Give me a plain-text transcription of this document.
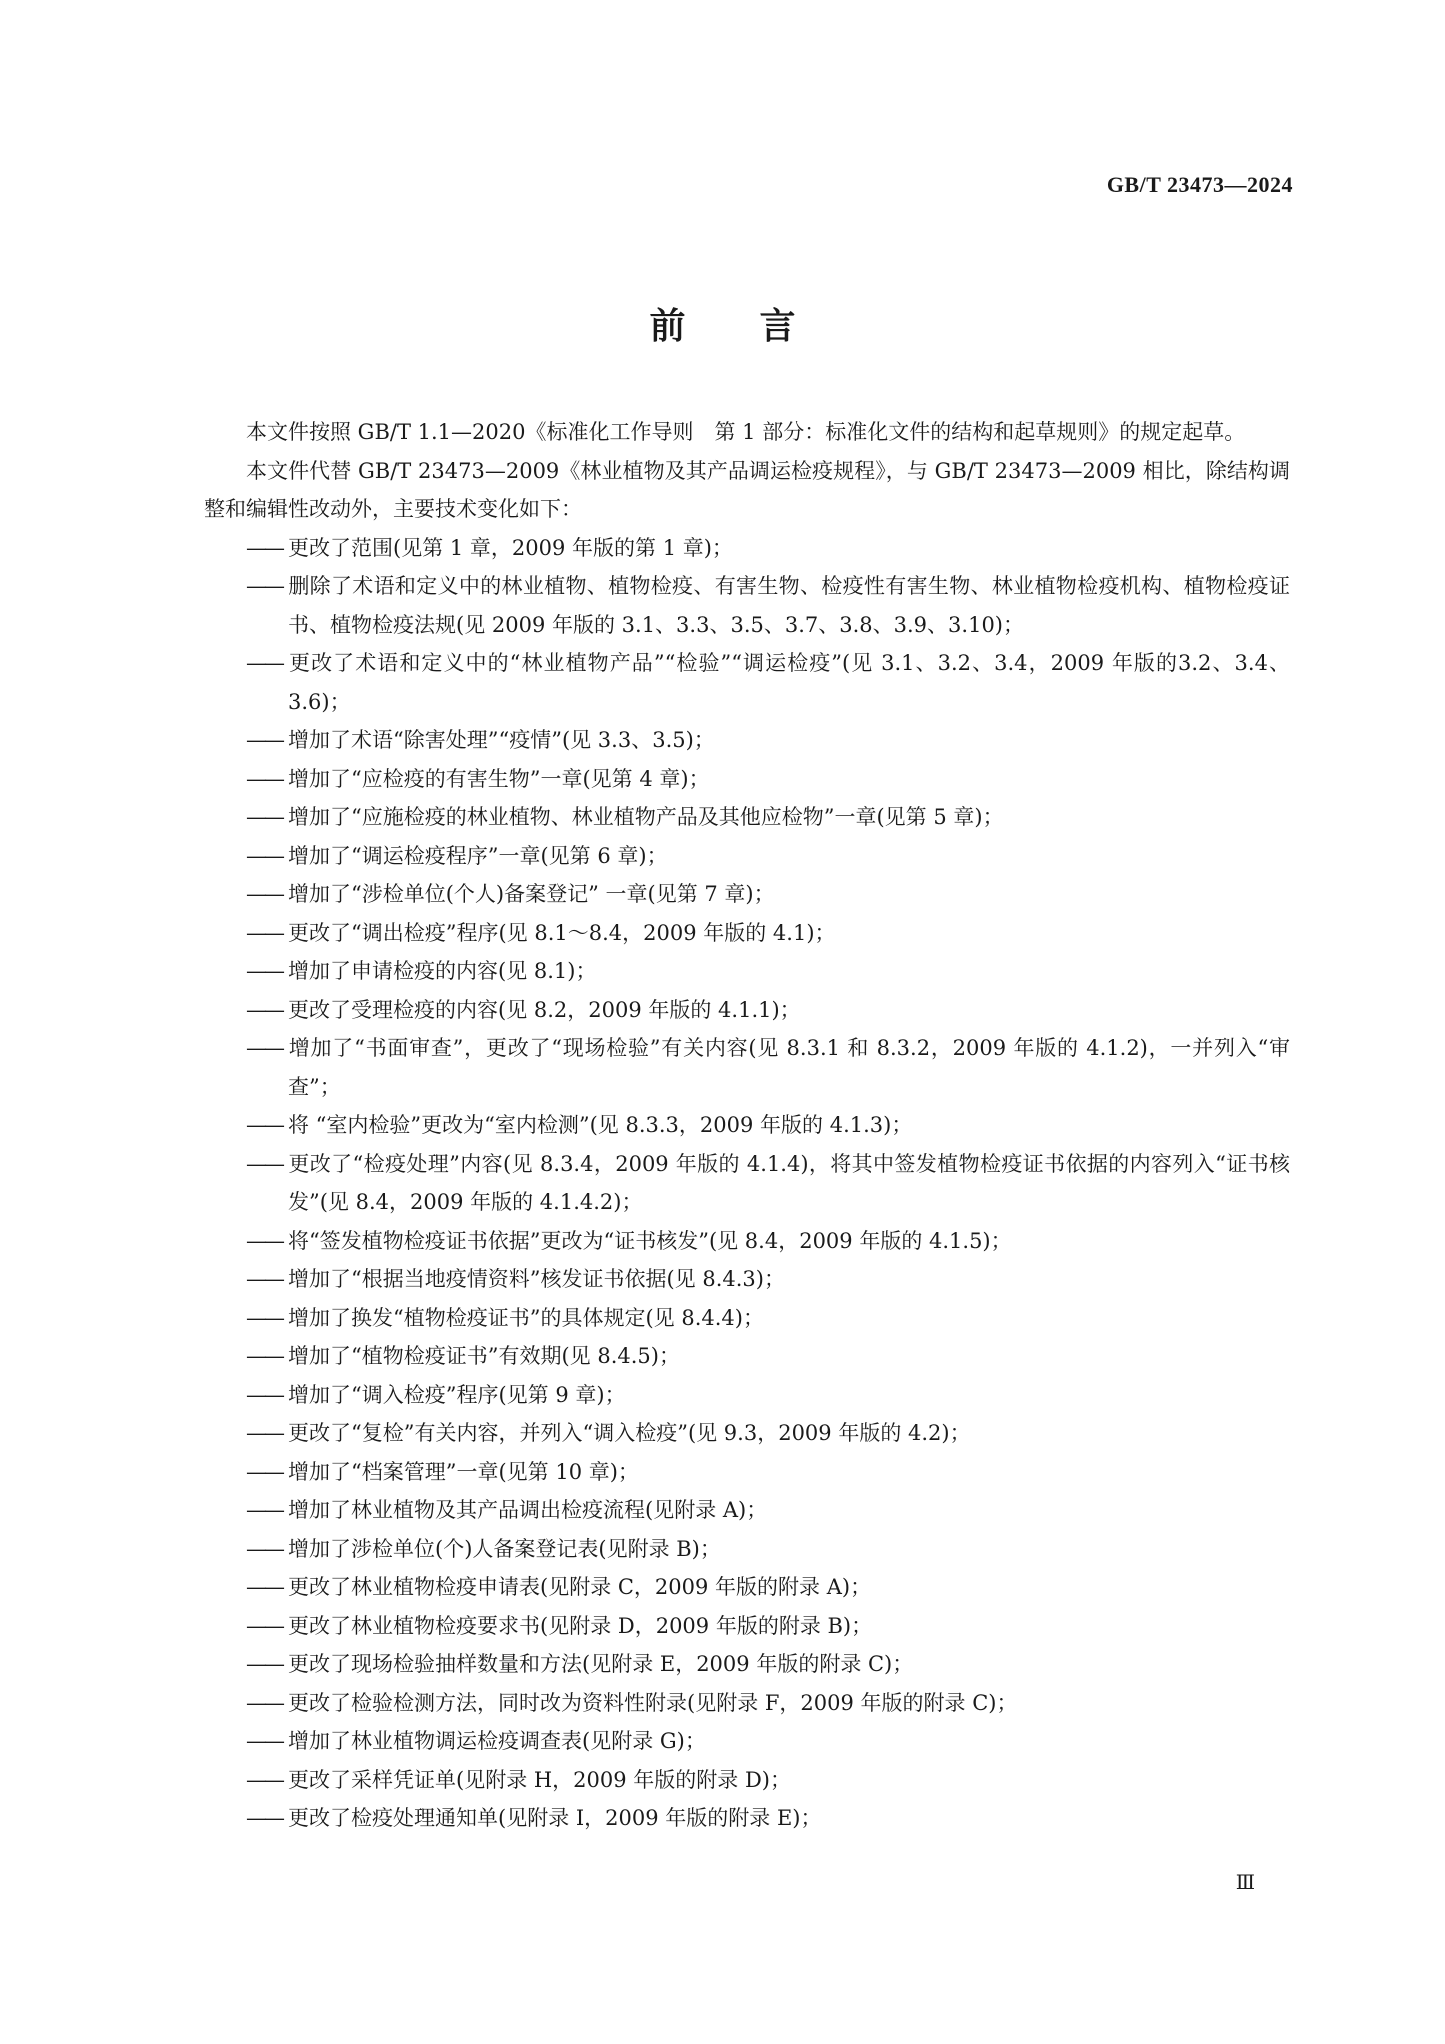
GB/T 23473—2024
前言

本文件按照 GB/T 1.1—2020《标准化工作导则　第 1 部分：标准化文件的结构和起草规则》的规定起草。

本文件代替 GB/T 23473—2009《林业植物及其产品调运检疫规程》，与 GB/T 23473—2009 相比，除结构调整和编辑性改动外，主要技术变化如下：

—— 更改了范围(见第 1 章，2009 年版的第 1 章)；
—— 删除了术语和定义中的林业植物、植物检疫、有害生物、检疫性有害生物、林业植物检疫机构、植物检疫证书、植物检疫法规(见 2009 年版的 3.1、3.3、3.5、3.7、3.8、3.9、3.10)；
—— 更改了术语和定义中的“林业植物产品”“检验”“调运检疫”(见 3.1、3.2、3.4，2009 年版的3.2、3.4、3.6)；
—— 增加了术语“除害处理”“疫情”(见 3.3、3.5)；
—— 增加了“应检疫的有害生物”一章(见第 4 章)；
—— 增加了“应施检疫的林业植物、林业植物产品及其他应检物”一章(见第 5 章)；
—— 增加了“调运检疫程序”一章(见第 6 章)；
—— 增加了“涉检单位(个人)备案登记” 一章(见第 7 章)；
—— 更改了“调出检疫”程序(见 8.1～8.4，2009 年版的 4.1)；
—— 增加了申请检疫的内容(见 8.1)；
—— 更改了受理检疫的内容(见 8.2，2009 年版的 4.1.1)；
—— 增加了“书面审查”，更改了“现场检验”有关内容(见 8.3.1 和 8.3.2，2009 年版的 4.1.2)，一并列入“审查”；
—— 将 “室内检验”更改为“室内检测”(见 8.3.3，2009 年版的 4.1.3)；
—— 更改了“检疫处理”内容(见 8.3.4，2009 年版的 4.1.4)，将其中签发植物检疫证书依据的内容列入“证书核发”(见 8.4，2009 年版的 4.1.4.2)；
—— 将“签发植物检疫证书依据”更改为“证书核发”(见 8.4，2009 年版的 4.1.5)；
—— 增加了“根据当地疫情资料”核发证书依据(见 8.4.3)；
—— 增加了换发“植物检疫证书”的具体规定(见 8.4.4)；
—— 增加了“植物检疫证书”有效期(见 8.4.5)；
—— 增加了“调入检疫”程序(见第 9 章)；
—— 更改了“复检”有关内容，并列入“调入检疫”(见 9.3，2009 年版的 4.2)；
—— 增加了“档案管理”一章(见第 10 章)；
—— 增加了林业植物及其产品调出检疫流程(见附录 A)；
—— 增加了涉检单位(个)人备案登记表(见附录 B)；
—— 更改了林业植物检疫申请表(见附录 C，2009 年版的附录 A)；
—— 更改了林业植物检疫要求书(见附录 D，2009 年版的附录 B)；
—— 更改了现场检验抽样数量和方法(见附录 E，2009 年版的附录 C)；
—— 更改了检验检测方法，同时改为资料性附录(见附录 F，2009 年版的附录 C)；
—— 增加了林业植物调运检疫调查表(见附录 G)；
—— 更改了采样凭证单(见附录 H，2009 年版的附录 D)；
—— 更改了检疫处理通知单(见附录 I，2009 年版的附录 E)；
Ⅲ
